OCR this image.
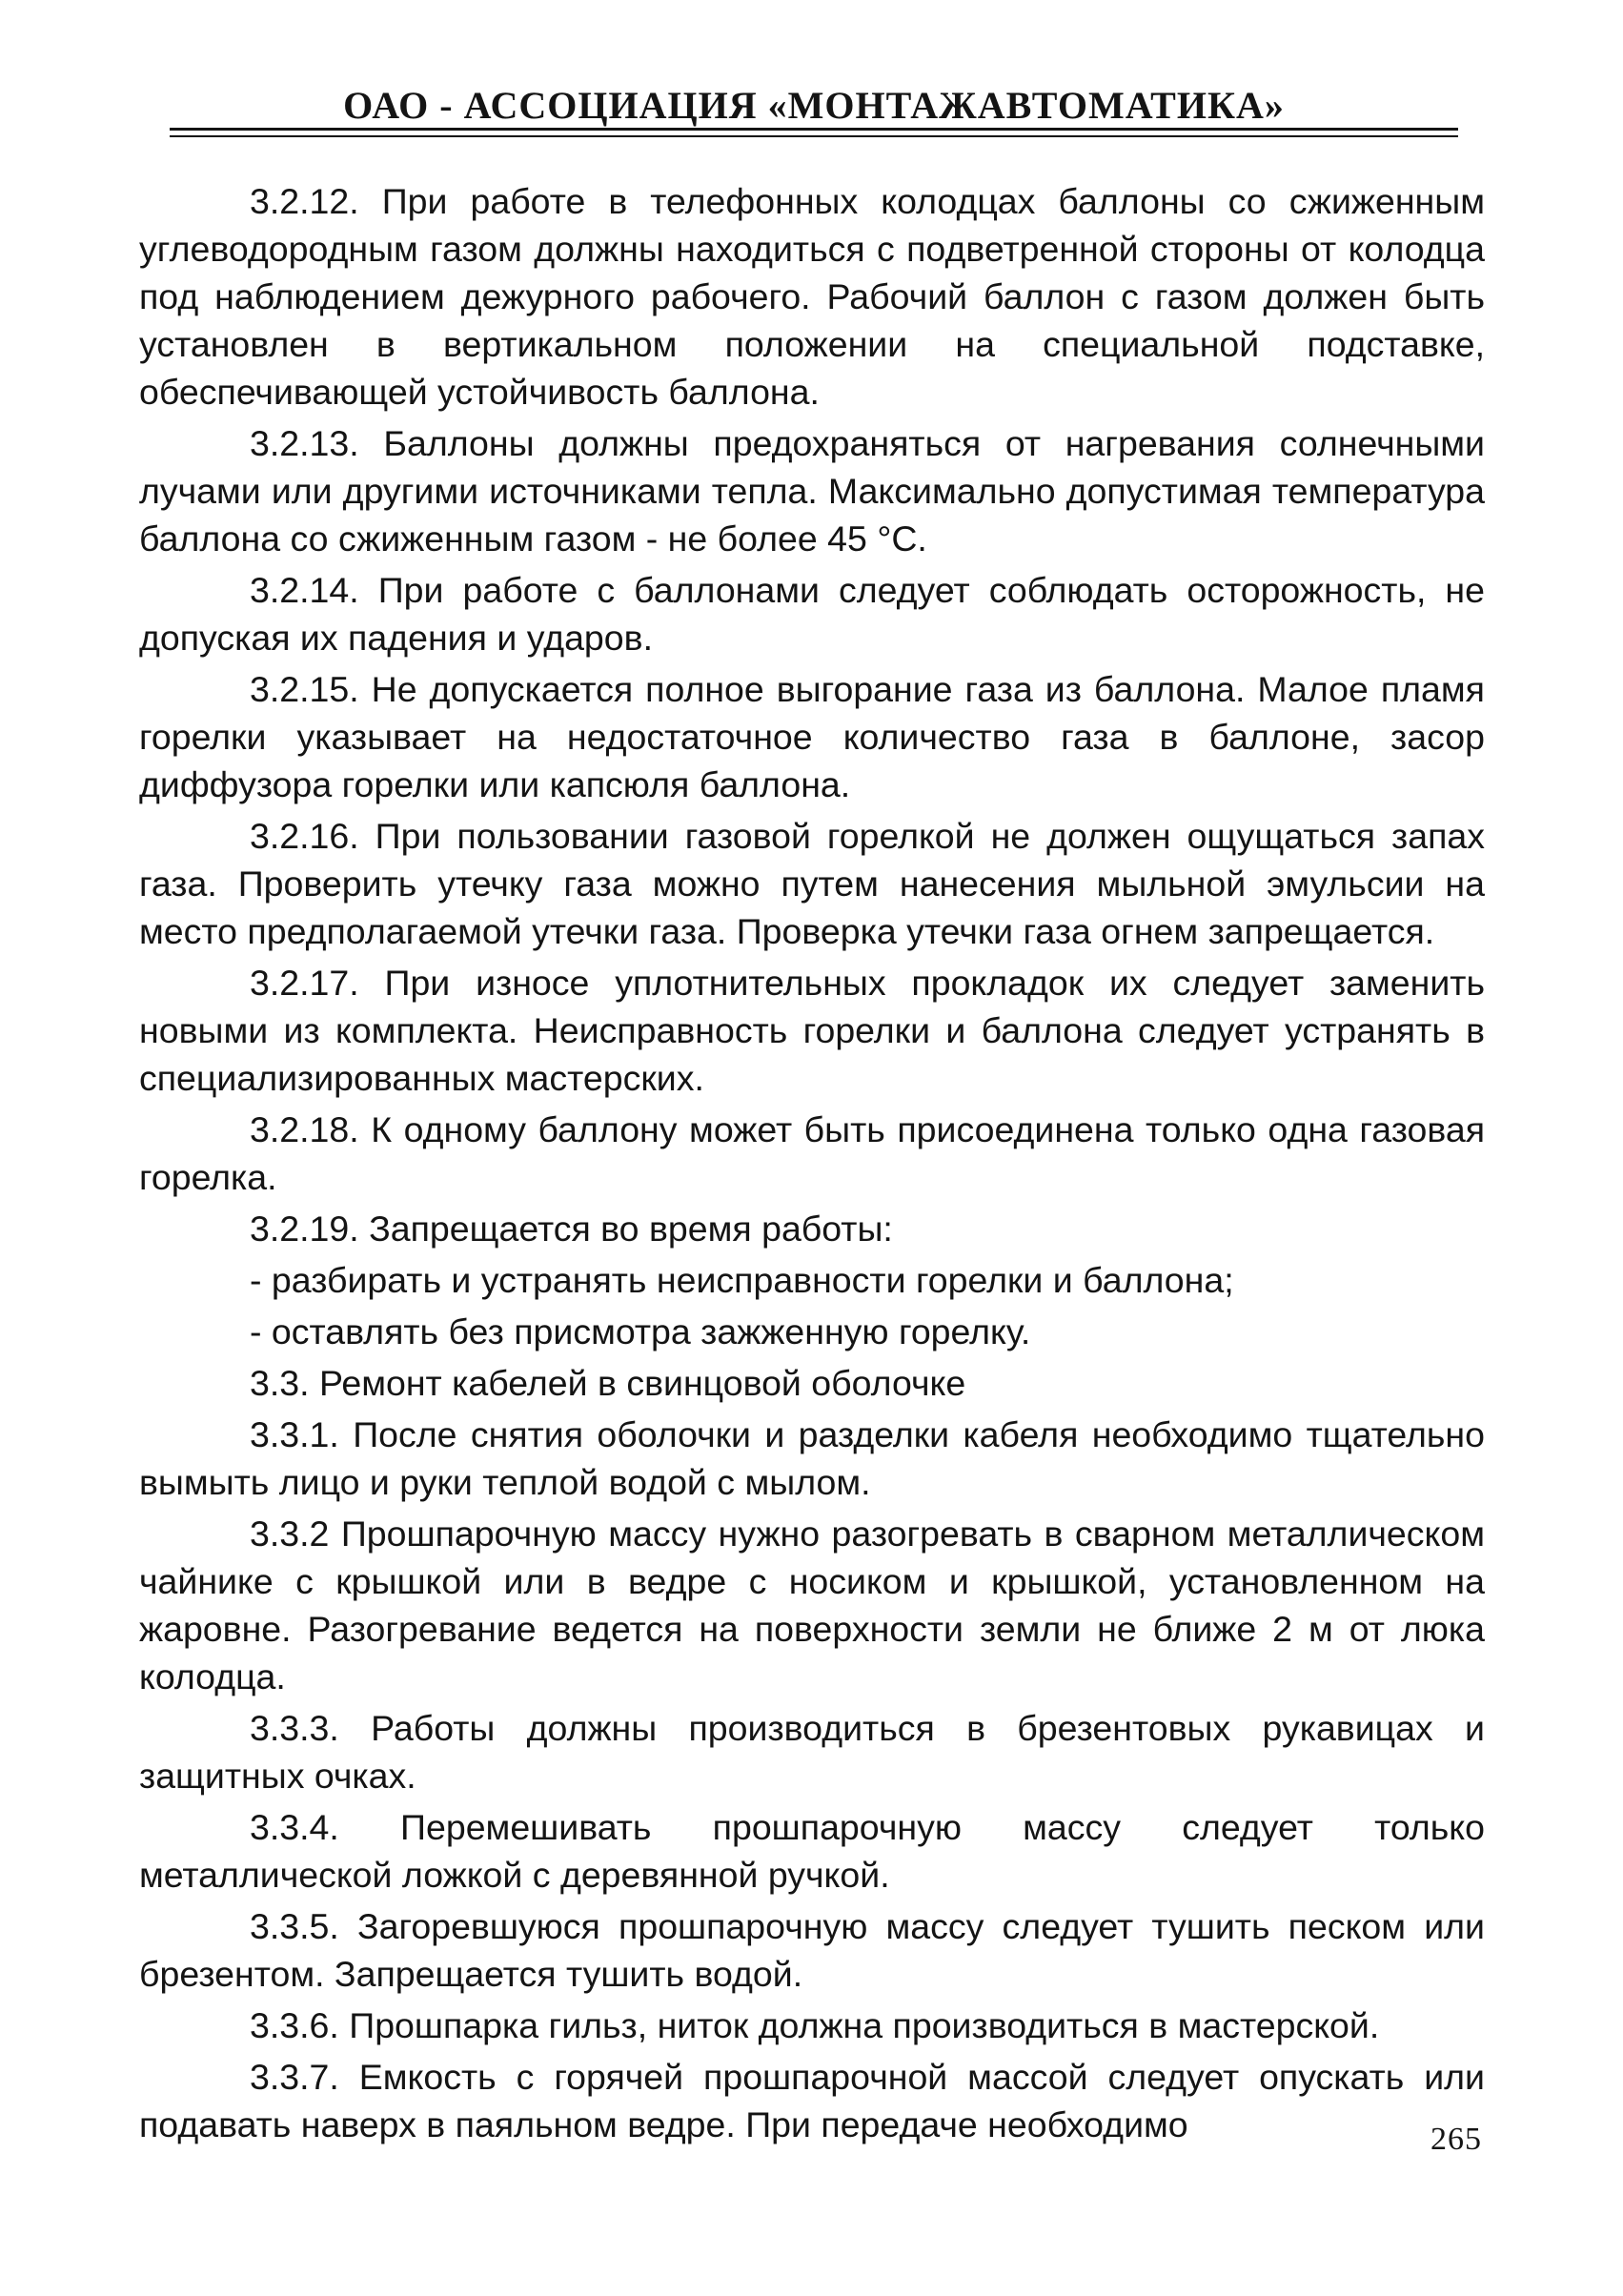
ОАО - АССОЦИАЦИЯ «МОНТАЖАВТОМАТИКА»

3.2.12. При работе в телефонных колодцах баллоны со сжиженным углеводородным газом должны находиться с подветренной стороны от колодца под наблюдением дежурного рабочего. Рабочий баллон с газом должен быть установлен в вертикальном положении на специальной подставке, обеспечивающей устойчивость баллона.

3.2.13. Баллоны должны предохраняться от нагревания солнечными лучами или другими источниками тепла. Максимально допустимая температура баллона со сжиженным газом - не более 45 °С.

3.2.14. При работе с баллонами следует соблюдать осторожность, не допуская их падения и ударов.

3.2.15. Не допускается полное выгорание газа из баллона. Малое пламя горелки указывает на недостаточное количество газа в баллоне, засор диффузора горелки или капсюля баллона.

3.2.16. При пользовании газовой горелкой не должен ощущаться запах газа. Проверить утечку газа можно путем нанесения мыльной эмульсии на место предполагаемой утечки газа. Проверка утечки газа огнем запрещается.

3.2.17. При износе уплотнительных прокладок их следует заменить новыми из комплекта. Неисправность горелки и баллона следует устранять в специализированных мастерских.

3.2.18. К одному баллону может быть присоединена только одна газовая горелка.

3.2.19. Запрещается во время работы:

- разбирать и устранять неисправности горелки и баллона;

- оставлять без присмотра зажженную горелку.

3.3. Ремонт кабелей в свинцовой оболочке

3.3.1. После снятия оболочки и разделки кабеля необходимо тщательно вымыть лицо и руки теплой водой с мылом.

3.3.2 Прошпарочную массу нужно разогревать в сварном металлическом чайнике с крышкой или в ведре с носиком и крышкой, установленном на жаровне. Разогревание ведется на поверхности земли не ближе 2 м от люка колодца.

3.3.3. Работы должны производиться в брезентовых рукавицах и защитных очках.

3.3.4. Перемешивать прошпарочную массу следует только металлической ложкой с деревянной ручкой.

3.3.5. Загоревшуюся прошпарочную массу следует тушить песком или брезентом. Запрещается тушить водой.

3.3.6. Прошпарка гильз, ниток должна производиться в мастерской.

3.3.7. Емкость с горячей прошпарочной массой следует опускать или подавать наверх в паяльном ведре. При передаче необходимо	265
